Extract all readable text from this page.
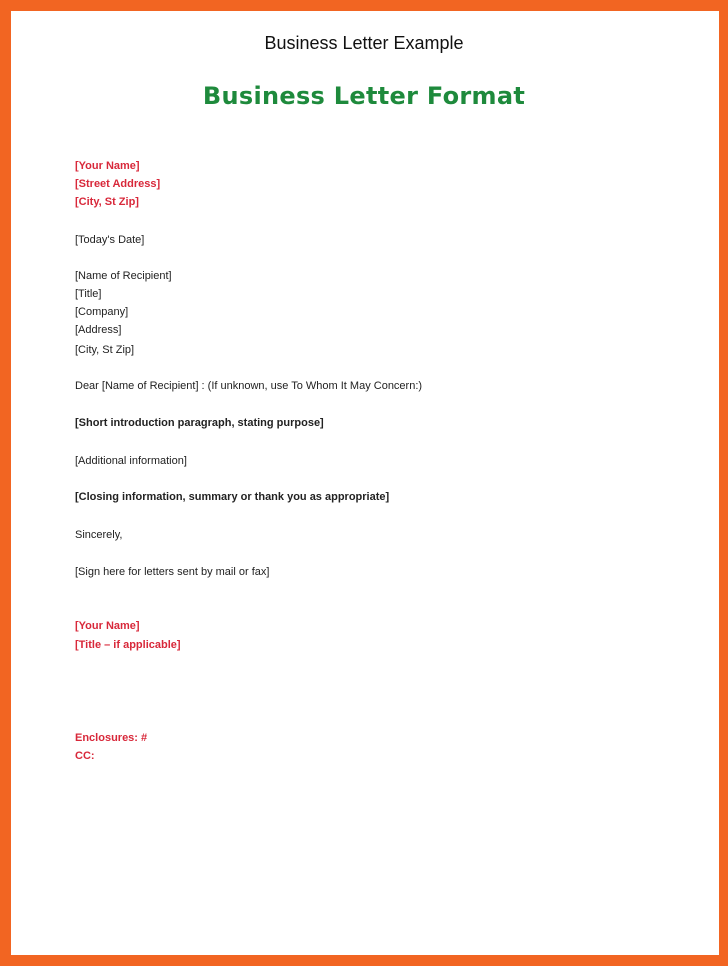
Business Letter Example
Business Letter Format
[Your Name]
[Street Address]
[City, St Zip]
[Today's Date]
[Name of Recipient]
[Title]
[Company]
[Address]
[City, St Zip]
Dear [Name of Recipient] : (If unknown, use To Whom It May Concern:)
[Short introduction paragraph, stating purpose]
[Additional information]
[Closing information, summary or thank you as appropriate]
Sincerely,
[Sign here for letters sent by mail or fax]
[Your Name]
[Title – if applicable]
Enclosures: #
CC:
